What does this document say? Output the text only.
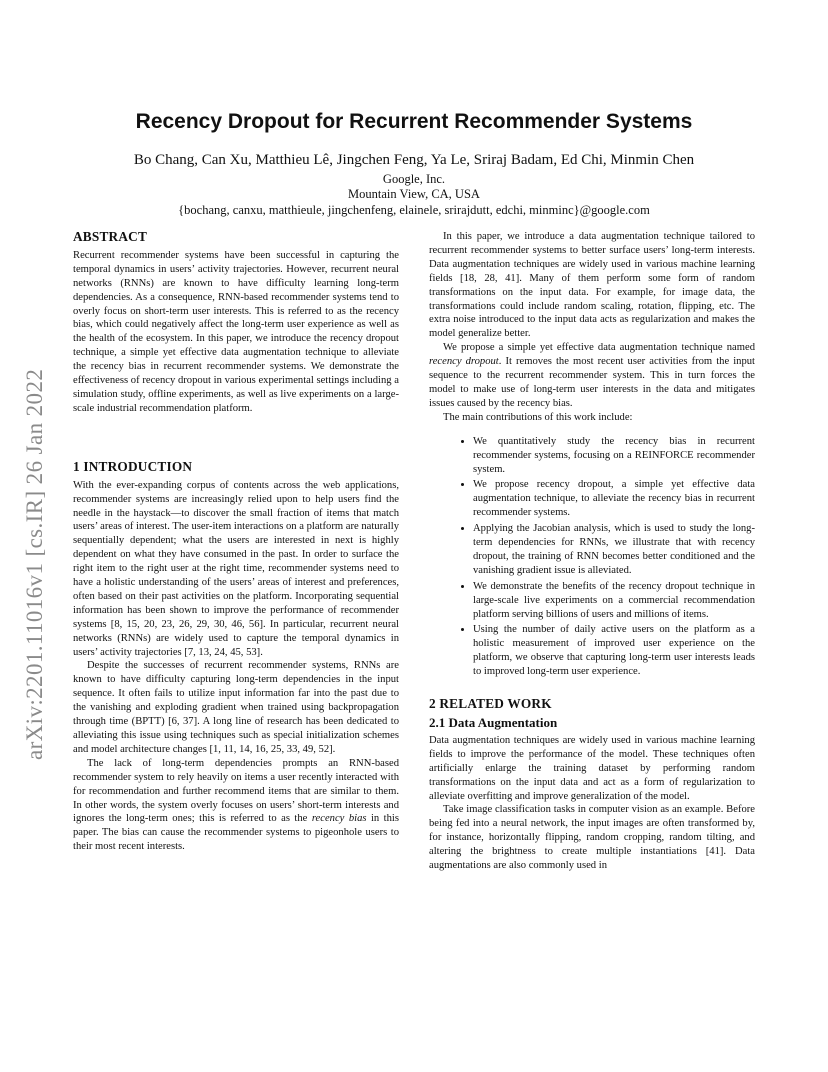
arXiv:2201.11016v1 [cs.IR] 26 Jan 2022
Recency Dropout for Recurrent Recommender Systems
Bo Chang, Can Xu, Matthieu Lê, Jingchen Feng, Ya Le, Sriraj Badam, Ed Chi, Minmin Chen
Google, Inc.
Mountain View, CA, USA
{bochang, canxu, matthieule, jingchenfeng, elainele, srirajdutt, edchi, minminc}@google.com
ABSTRACT

Recurrent recommender systems have been successful in capturing the temporal dynamics in users’ activity trajectories. However, recurrent neural networks (RNNs) are known to have difficulty learning long-term dependencies. As a consequence, RNN-based recommender systems tend to overly focus on short-term user interests. This is referred to as the recency bias, which could negatively affect the long-term user experience as well as the health of the ecosystem. In this paper, we introduce the recency dropout technique, a simple yet effective data augmentation technique to alleviate the recency bias in recurrent recommender systems. We demonstrate the effectiveness of recency dropout in various experimental settings including a simulation study, offline experiments, as well as live experiments on a large-scale industrial recommendation platform.

1 INTRODUCTION

With the ever-expanding corpus of contents across the web applications, recommender systems are increasingly relied upon to help users find the needle in the haystack—to discover the small fraction of items that match users’ areas of interest. The user-item interactions on a platform are naturally sequentially dependent; what the users are interested in next is highly dependent on what they have consumed in the past. In order to surface the right item to the right user at the right time, recommender systems need to have a holistic understanding of the users’ areas of interest and preferences, often based on their past activities on the platform. Incorporating sequential information has been shown to improve the performance of recommender systems [8, 15, 20, 23, 26, 29, 30, 46, 56]. In particular, recurrent neural networks (RNNs) are widely used to capture the temporal dynamics in users’ activity trajectories [7, 13, 24, 45, 53].

Despite the successes of recurrent recommender systems, RNNs are known to have difficulty capturing long-term dependencies in the input sequence. It often fails to utilize input information far into the past due to the vanishing and exploding gradient when trained using backpropagation through time (BPTT) [6, 37]. A long line of research has been dedicated to alleviating this issue using techniques such as special initialization schemes and model architecture changes [1, 11, 14, 16, 25, 33, 49, 52].

The lack of long-term dependencies prompts an RNN-based recommender system to rely heavily on items a user recently interacted with for recommendation and further recommend items that are similar to them. In other words, the system overly focuses on users’ short-term interests and ignores the long-term ones; this is referred to as the recency bias in this paper. The bias can cause the recommender systems to pigeonhole users to their most recent interests.

In this paper, we introduce a data augmentation technique tailored to recurrent recommender systems to better surface users’ long-term interests. Data augmentation techniques are widely used in various machine learning fields [18, 28, 41]. Many of them perform some form of random transformations on the input data. For example, for image data, the transformations could include random scaling, rotation, flipping, etc. The extra noise introduced to the input data acts as regularization and makes the model generalize better.

We propose a simple yet effective data augmentation technique named recency dropout. It removes the most recent user activities from the input sequence to the recurrent recommender system. This in turn forces the model to make use of long-term user interests in the data and mitigates issues caused by the recency bias.

The main contributions of this work include:

• We quantitatively study the recency bias in recurrent recommender systems, focusing on a REINFORCE recommender system.
• We propose recency dropout, a simple yet effective data augmentation technique, to alleviate the recency bias in recurrent recommender systems.
• Applying the Jacobian analysis, which is used to study the long-term dependencies for RNNs, we illustrate that with recency dropout, the training of RNN becomes better conditioned and the vanishing gradient issue is alleviated.
• We demonstrate the benefits of the recency dropout technique in large-scale live experiments on a commercial recommendation platform serving billions of users and millions of items.
• Using the number of daily active users on the platform as a holistic measurement of improved user experience on the platform, we observe that capturing long-term user interests leads to improved long-term user experience.
2 RELATED WORK
2.1 Data Augmentation

Data augmentation techniques are widely used in various machine learning fields to improve the performance of the model. These techniques often artificially enlarge the training dataset by performing random transformations on the input data and act as a form of regularization to alleviate overfitting and improve generalization of the model.

Take image classification tasks in computer vision as an example. Before being fed into a neural network, the input images are often transformed by, for instance, horizontally flipping, random cropping, random tilting, and altering the brightness to create multiple instantiations [41]. Data augmentations are also commonly used in
